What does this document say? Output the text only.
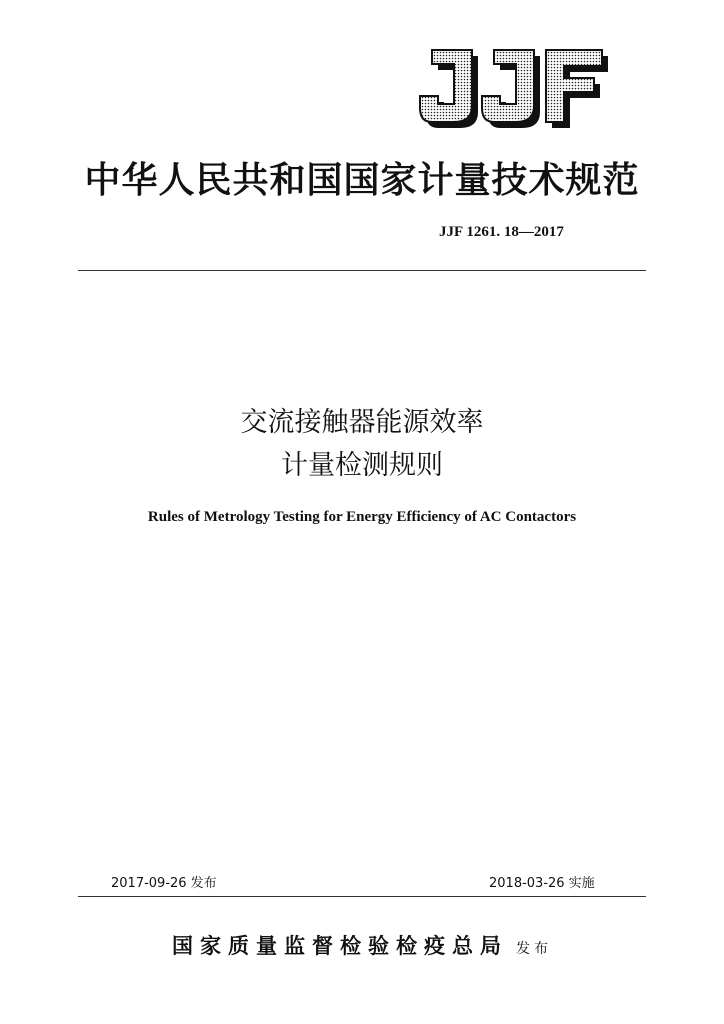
中华人民共和国国家计量技术规范
JJF 1261. 18—2017
交流接触器能源效率
计量检测规则
Rules of Metrology Testing for Energy Efficiency of AC Contactors
2017-09-26 发布	2018-03-26 实施
国家质量监督检验检疫总局 发布
